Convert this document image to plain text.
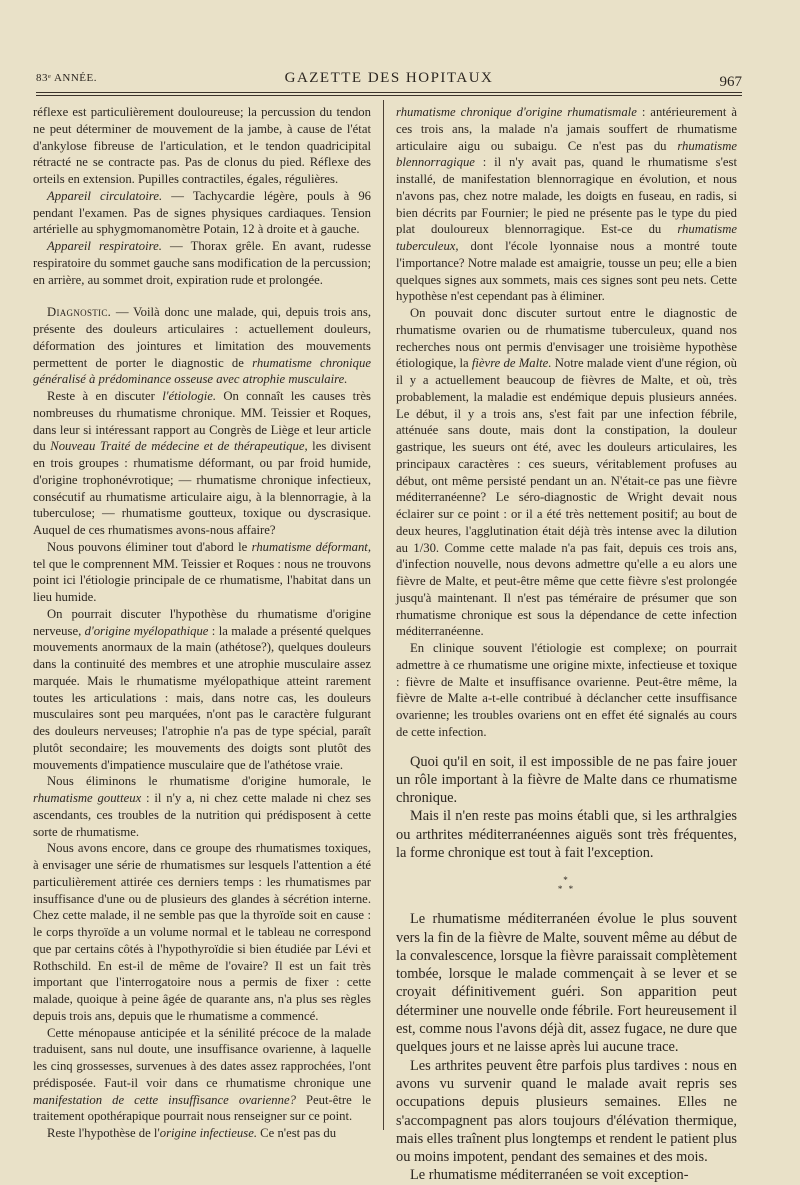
83ᵉ ANNÉE.	GAZETTE DES HOPITAUX	967

réflexe est particulièrement douloureuse; la percussion du tendon ne peut déterminer de mouvement de la jambe, à cause de l'état d'ankylose fibreuse de l'articulation, et le tendon quadricipital rétracté ne se contracte pas. Pas de clonus du pied. Réflexe des orteils en extension. Pupilles contractiles, égales, régulières.

Appareil circulatoire. — Tachycardie légère, pouls à 96 pendant l'examen. Pas de signes physiques cardiaques. Tension artérielle au sphygmomanomètre Potain, 12 à droite et à gauche.

Appareil respiratoire. — Thorax grêle. En avant, rudesse respiratoire du sommet gauche sans modification de la percussion; en arrière, au sommet droit, expiration rude et prolongée.

Diagnostic. — Voilà donc une malade, qui, depuis trois ans, présente des douleurs articulaires : actuellement douleurs, déformation des jointures et limitation des mouvements permettent de porter le diagnostic de rhumatisme chronique généralisé à prédominance osseuse avec atrophie musculaire.

Reste à en discuter l'étiologie. On connaît les causes très nombreuses du rhumatisme chronique. MM. Teissier et Roques, dans leur si intéressant rapport au Congrès de Liège et leur article du Nouveau Traité de médecine et de thérapeutique, les divisent en trois groupes : rhumatisme déformant, ou par froid humide, d'origine trophonévrotique; — rhumatisme chronique infectieux, consécutif au rhumatisme articulaire aigu, à la blennorragie, à la tuberculose; — rhumatisme goutteux, toxique ou dyscrasique. Auquel de ces rhumatismes avons-nous affaire?

Nous pouvons éliminer tout d'abord le rhumatisme déformant, tel que le comprennent MM. Teissier et Roques : nous ne trouvons point ici l'étiologie principale de ce rhumatisme, l'habitat dans un lieu humide.

On pourrait discuter l'hypothèse du rhumatisme d'origine nerveuse, d'origine myélopathique : la malade a présenté quelques mouvements anormaux de la main (athétose?), quelques douleurs dans la continuité des membres et une atrophie musculaire assez marquée. Mais le rhumatisme myélopathique atteint rarement toutes les articulations : mais, dans notre cas, les douleurs musculaires sont peu marquées, n'ont pas le caractère fulgurant des douleurs nerveuses; l'atrophie n'a pas de type spécial, paraît plutôt secondaire; les mouvements des doigts sont plutôt des mouvements d'impatience musculaire que de l'athétose vraie.

Nous éliminons le rhumatisme d'origine humorale, le rhumatisme goutteux : il n'y a, ni chez cette malade ni chez ses ascendants, ces troubles de la nutrition qui prédisposent à cette sorte de rhumatisme.

Nous avons encore, dans ce groupe des rhumatismes toxiques, à envisager une série de rhumatismes sur lesquels l'attention a été particulièrement attirée ces derniers temps : les rhumatismes par insuffisance d'une ou de plusieurs des glandes à sécrétion interne. Chez cette malade, il ne semble pas que la thyroïde soit en cause : le corps thyroïde a un volume normal et le tableau ne correspond que par certains côtés à l'hypothyroïdie si bien étudiée par Lévi et Rothschild. En est-il de même de l'ovaire? Il est un fait très important que l'interrogatoire nous a permis de fixer : cette malade, quoique à peine âgée de quarante ans, n'a plus ses règles depuis trois ans, depuis que le rhumatisme a commencé.

Cette ménopause anticipée et la sénilité précoce de la malade traduisent, sans nul doute, une insuffisance ovarienne, à laquelle les cinq grossesses, survenues à des dates assez rapprochées, l'ont prédisposée. Faut-il voir dans ce rhumatisme chronique une manifestation de cette insuffisance ovarienne? Peut-être le traitement opothérapique pourrait nous renseigner sur ce point.

Reste l'hypothèse de l'origine infectieuse. Ce n'est pas du

rhumatisme chronique d'origine rhumatismale : antérieurement à ces trois ans, la malade n'a jamais souffert de rhumatisme articulaire aigu ou subaigu. Ce n'est pas du rhumatisme blennorragique : il n'y avait pas, quand le rhumatisme s'est installé, de manifestation blennorragique en évolution, et nous n'avons pas, chez notre malade, les doigts en fuseau, en radis, si bien décrits par Fournier; le pied ne présente pas le type du pied plat douloureux blennorragique. Est-ce du rhumatisme tuberculeux, dont l'école lyonnaise nous a montré toute l'importance? Notre malade est amaigrie, tousse un peu; elle a bien quelques signes aux sommets, mais ces signes sont peu nets. Cette hypothèse n'est cependant pas à éliminer.

On pouvait donc discuter surtout entre le diagnostic de rhumatisme ovarien ou de rhumatisme tuberculeux, quand nos recherches nous ont permis d'envisager une troisième hypothèse étiologique, la fièvre de Malte. Notre malade vient d'une région, où il y a actuellement beaucoup de fièvres de Malte, et où, très probablement, la maladie est endémique depuis plusieurs années. Le début, il y a trois ans, s'est fait par une infection fébrile, atténuée sans doute, mais dont la constipation, la douleur gastrique, les sueurs ont été, avec les douleurs articulaires, les principaux caractères : ces sueurs, véritablement profuses au début, ont même persisté pendant un an. N'était-ce pas une fièvre méditerranéenne? Le séro-diagnostic de Wright devait nous éclairer sur ce point : or il a été très nettement positif; au bout de deux heures, l'agglutination était déjà très intense avec la dilution au 1/30. Comme cette malade n'a pas fait, depuis ces trois ans, d'infection nouvelle, nous devons admettre qu'elle a eu alors une fièvre de Malte, et peut-être même que cette fièvre s'est prolongée jusqu'à maintenant. Il n'est pas téméraire de présumer que son rhumatisme chronique est sous la dépendance de cette infection méditerranéenne.

En clinique souvent l'étiologie est complexe; on pourrait admettre à ce rhumatisme une origine mixte, infectieuse et toxique : fièvre de Malte et insuffisance ovarienne. Peut-être même, la fièvre de Malte a-t-elle contribué à déclancher cette insuffisance ovarienne; les troubles ovariens ont en effet été signalés au cours de cette infection.

Quoi qu'il en soit, il est impossible de ne pas faire jouer un rôle important à la fièvre de Malte dans ce rhumatisme chronique.

Mais il n'en reste pas moins établi que, si les arthralgies ou arthrites méditerranéennes aiguës sont très fréquentes, la forme chronique est tout à fait l'exception.

*
* *

Le rhumatisme méditerranéen évolue le plus souvent vers la fin de la fièvre de Malte, souvent même au début de la convalescence, lorsque la fièvre paraissait complètement tombée, lorsque le malade commençait à se lever et se croyait définitivement guéri. Son apparition peut déterminer une nouvelle onde fébrile. Fort heureusement il est, comme nous l'avons déjà dit, assez fugace, ne dure que quelques jours et ne laisse après lui aucune trace.

Les arthrites peuvent être parfois plus tardives : nous en avons vu survenir quand le malade avait repris ses occupations depuis plusieurs semaines. Elles ne s'accompagnent pas alors toujours d'élévation thermique, mais elles traînent plus longtemps et rendent le patient plus ou moins impotent, pendant des semaines et des mois.

Le rhumatisme méditerranéen se voit exception-
